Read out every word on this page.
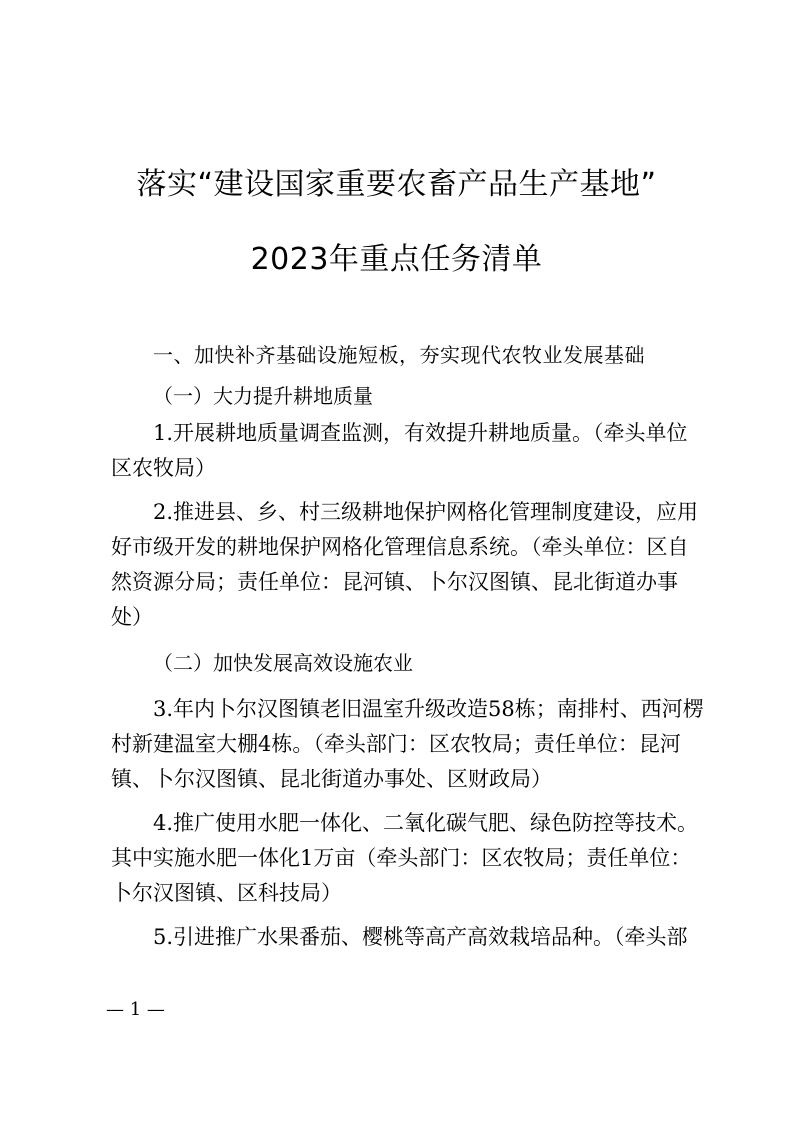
落实“建设国家重要农畜产品生产基地”
2023年重点任务清单

一、加快补齐基础设施短板，夯实现代农牧业发展基础

（一）大力提升耕地质量

1.开展耕地质量调查监测，有效提升耕地质量。（牵头单位区农牧局）

2.推进县、乡、村三级耕地保护网格化管理制度建设，应用好市级开发的耕地保护网格化管理信息系统。（牵头单位：区自然资源分局；责任单位：昆河镇、卜尔汉图镇、昆北街道办事处）

（二）加快发展高效设施农业

3.年内卜尔汉图镇老旧温室升级改造58栋；南排村、西河楞村新建温室大棚4栋。（牵头部门：区农牧局；责任单位：昆河镇、卜尔汉图镇、昆北街道办事处、区财政局）

4.推广使用水肥一体化、二氧化碳气肥、绿色防控等技术。其中实施水肥一体化1万亩（牵头部门：区农牧局；责任单位：卜尔汉图镇、区科技局）

5.引进推广水果番茄、樱桃等高产高效栽培品种。（牵头部

— 1 —
